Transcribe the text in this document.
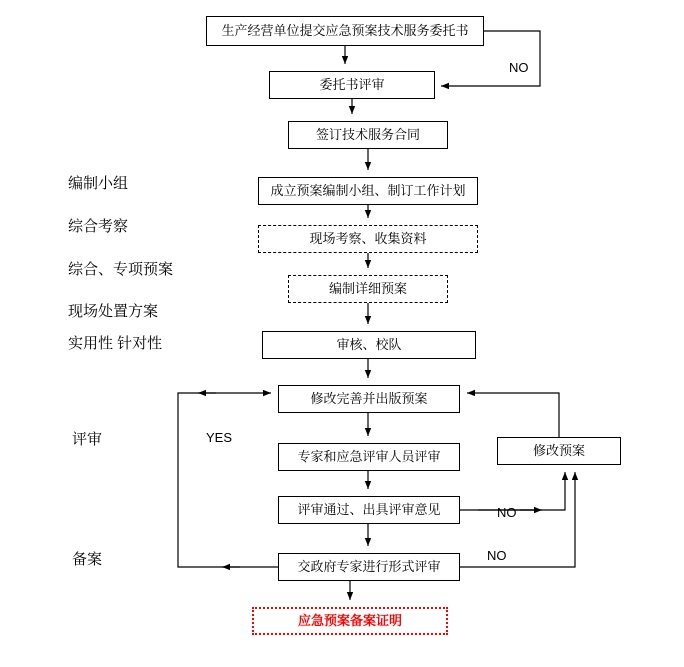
生产经营单位提交应急预案技术服务委托书
委托书评审
签订技术服务合同
成立预案编制小组、制订工作计划
现场考察、收集资料
编制详细预案
审核、校队
修改完善并出版预案
专家和应急评审人员评审
评审通过、出具评审意见
交政府专家进行形式评审
修改预案
应急预案备案证明
编制小组
综合考察
综合、专项预案
现场处置方案
实用性 针对性
评审
备案
NO
YES
NO
NO
